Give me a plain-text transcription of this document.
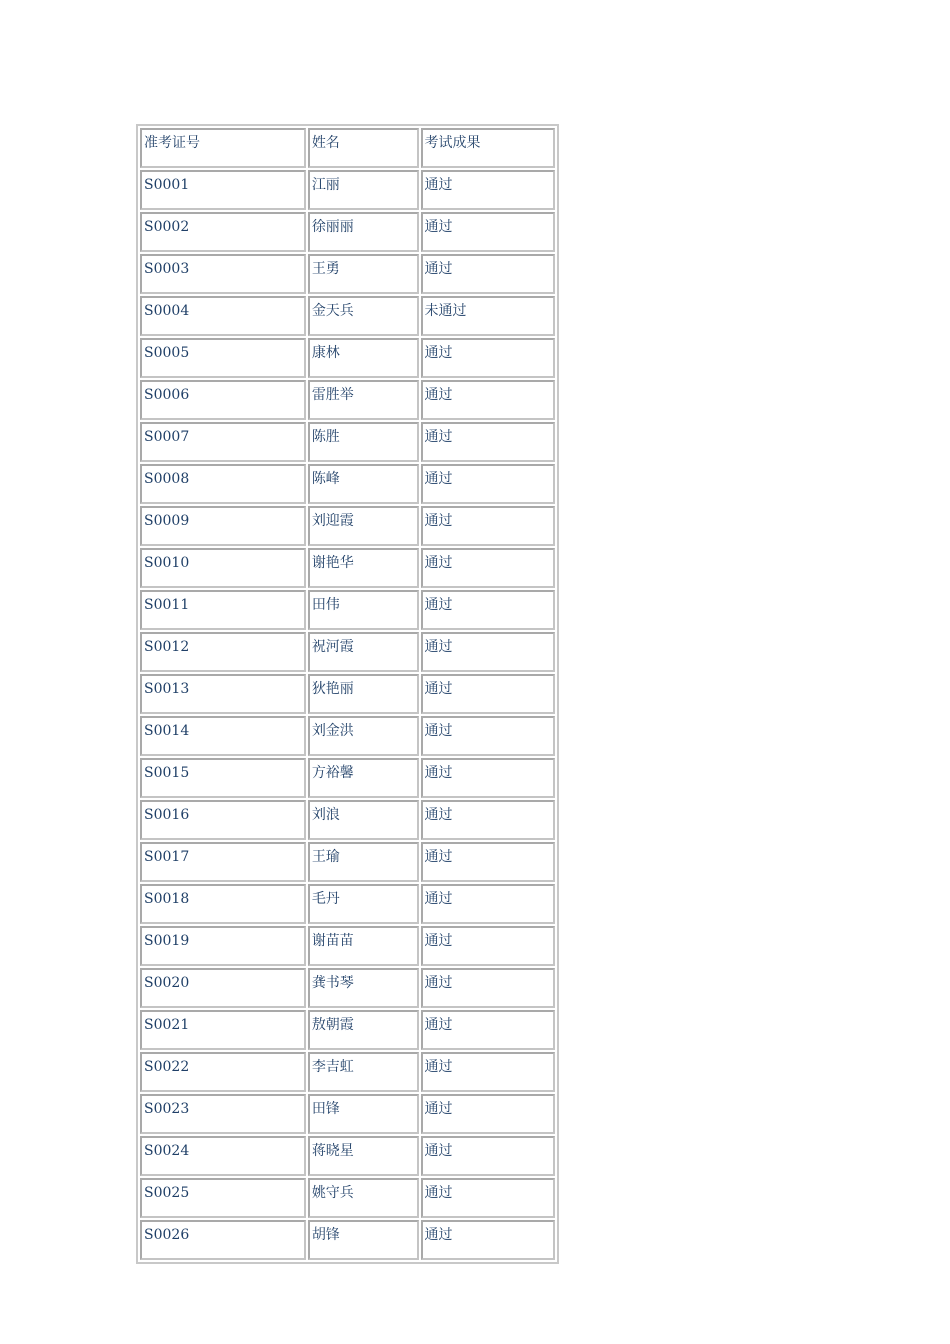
准考证号	姓名	考试成果
S0001	江丽	通过
S0002	徐丽丽	通过
S0003	王勇	通过
S0004	金天兵	未通过
S0005	康林	通过
S0006	雷胜举	通过
S0007	陈胜	通过
S0008	陈峰	通过
S0009	刘迎霞	通过
S0010	谢艳华	通过
S0011	田伟	通过
S0012	祝河霞	通过
S0013	狄艳丽	通过
S0014	刘金洪	通过
S0015	方裕馨	通过
S0016	刘浪	通过
S0017	王瑜	通过
S0018	毛丹	通过
S0019	谢苗苗	通过
S0020	龚书琴	通过
S0021	敖朝霞	通过
S0022	李吉虹	通过
S0023	田锋	通过
S0024	蒋晓星	通过
S0025	姚守兵	通过
S0026	胡锋	通过
